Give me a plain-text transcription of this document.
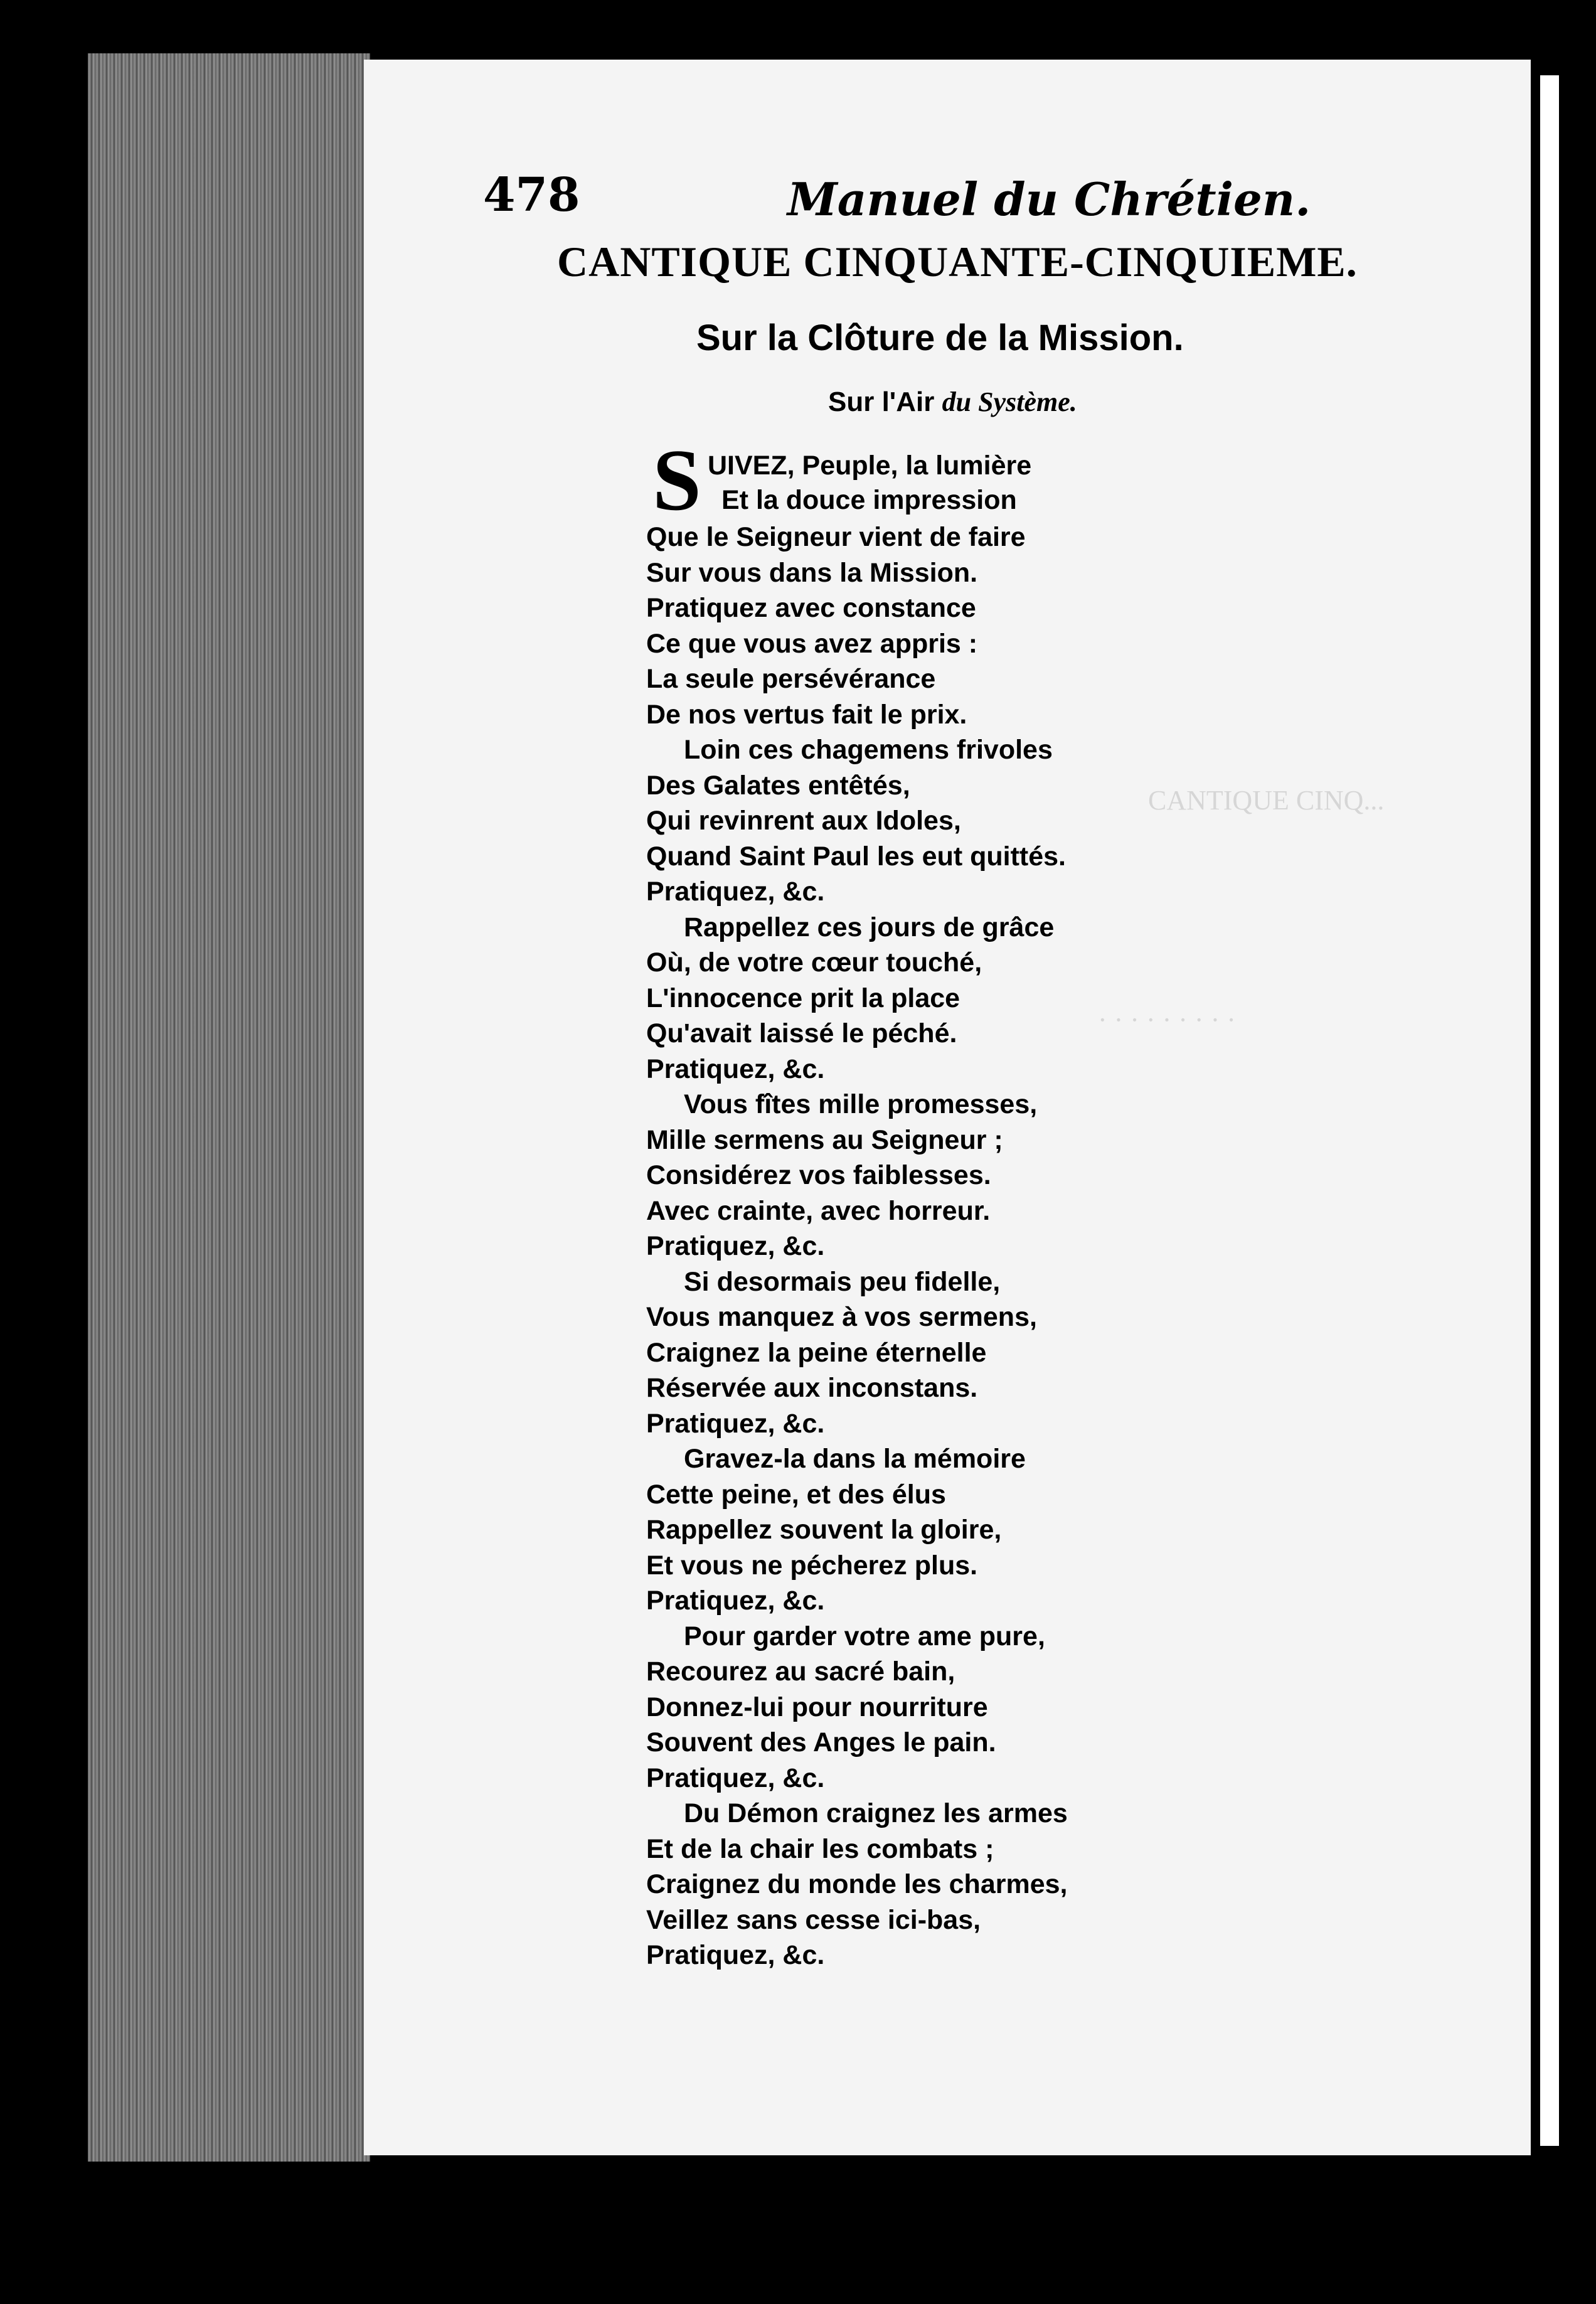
478	Manuel du Chrétien.
CANTIQUE CINQUANTE-CINQUIEME.
Sur la Clôture de la Mission.
Sur l'Air du Système.
S UIVEZ, Peuple, la lumière
Et la douce impression
Que le Seigneur vient de faire
Sur vous dans la Mission.
Pratiquez avec constance
Ce que vous avez appris :
La seule persévérance
De nos vertus fait le prix.
Loin ces chagemens frivoles
Des Galates entêtés,
Qui revinrent aux Idoles,
Quand Saint Paul les eut quittés.
Pratiquez, &c.
Rappellez ces jours de grâce
Où, de votre cœur touché,
L'innocence prit la place
Qu'avait laissé le péché.
Pratiquez, &c.
Vous fîtes mille promesses,
Mille sermens au Seigneur ;
Considérez vos faiblesses.
Avec crainte, avec horreur.
Pratiquez, &c.
Si desormais peu fidelle,
Vous manquez à vos sermens,
Craignez la peine éternelle
Réservée aux inconstans.
Pratiquez, &c.
Gravez-la dans la mémoire
Cette peine, et des élus
Rappellez souvent la gloire,
Et vous ne pécherez plus.
Pratiquez, &c.
Pour garder votre ame pure,
Recourez au sacré bain,
Donnez-lui pour nourriture
Souvent des Anges le pain.
Pratiquez, &c.
Du Démon craignez les armes
Et de la chair les combats ;
Craignez du monde les charmes,
Veillez sans cesse ici-bas,
Pratiquez, &c.
